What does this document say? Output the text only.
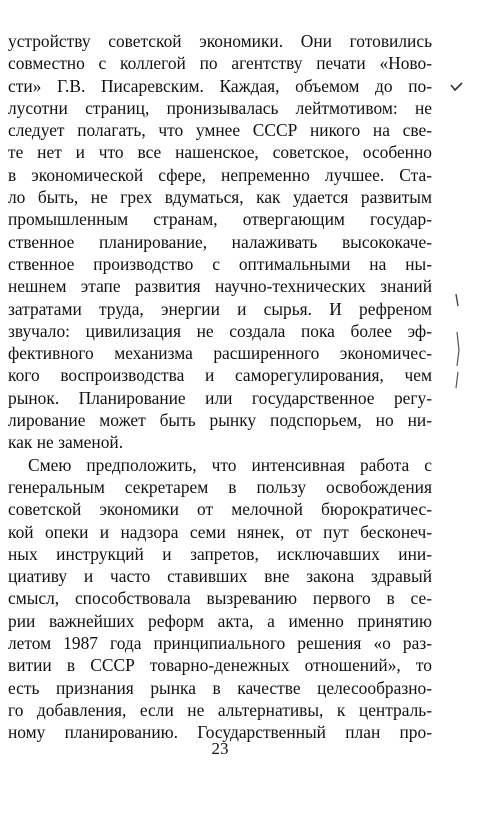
устройству советской экономики. Они готовились
совместно с коллегой по агентству печати «Ново-
сти» Г.В. Писаревским. Каждая, объемом до по-
лусотни страниц, пронизывалась лейтмотивом: не
следует полагать, что умнее СССР никого на све-
те нет и что все нашенское, советское, особенно
в экономической сфере, непременно лучшее. Ста-
ло быть, не грех вдуматься, как удается развитым
промышленным странам, отвергающим государ-
ственное планирование, налаживать высококаче-
ственное производство с оптимальными на ны-
нешнем этапе развития научно-технических знаний
затратами труда, энергии и сырья. И рефреном
звучало: цивилизация не создала пока более эф-
фективного механизма расширенного экономичес-
кого воспроизводства и саморегулирования, чем
рынок. Планирование или государственное регу-
лирование может быть рынку подспорьем, но ни-
как не заменой.
Смею предположить, что интенсивная работа с
генеральным секретарем в пользу освобождения
советской экономики от мелочной бюрократичес-
кой опеки и надзора семи нянек, от пут бесконеч-
ных инструкций и запретов, исключавших ини-
циативу и часто ставивших вне закона здравый
смысл, способствовала вызреванию первого в се-
рии важнейших реформ акта, а именно принятию
летом 1987 года принципиального решения «о раз-
витии в СССР товарно-денежных отношений», то
есть признания рынка в качестве целесообразно-
го добавления, если не альтернативы, к централь-
ному планированию. Государственный план про-
23
